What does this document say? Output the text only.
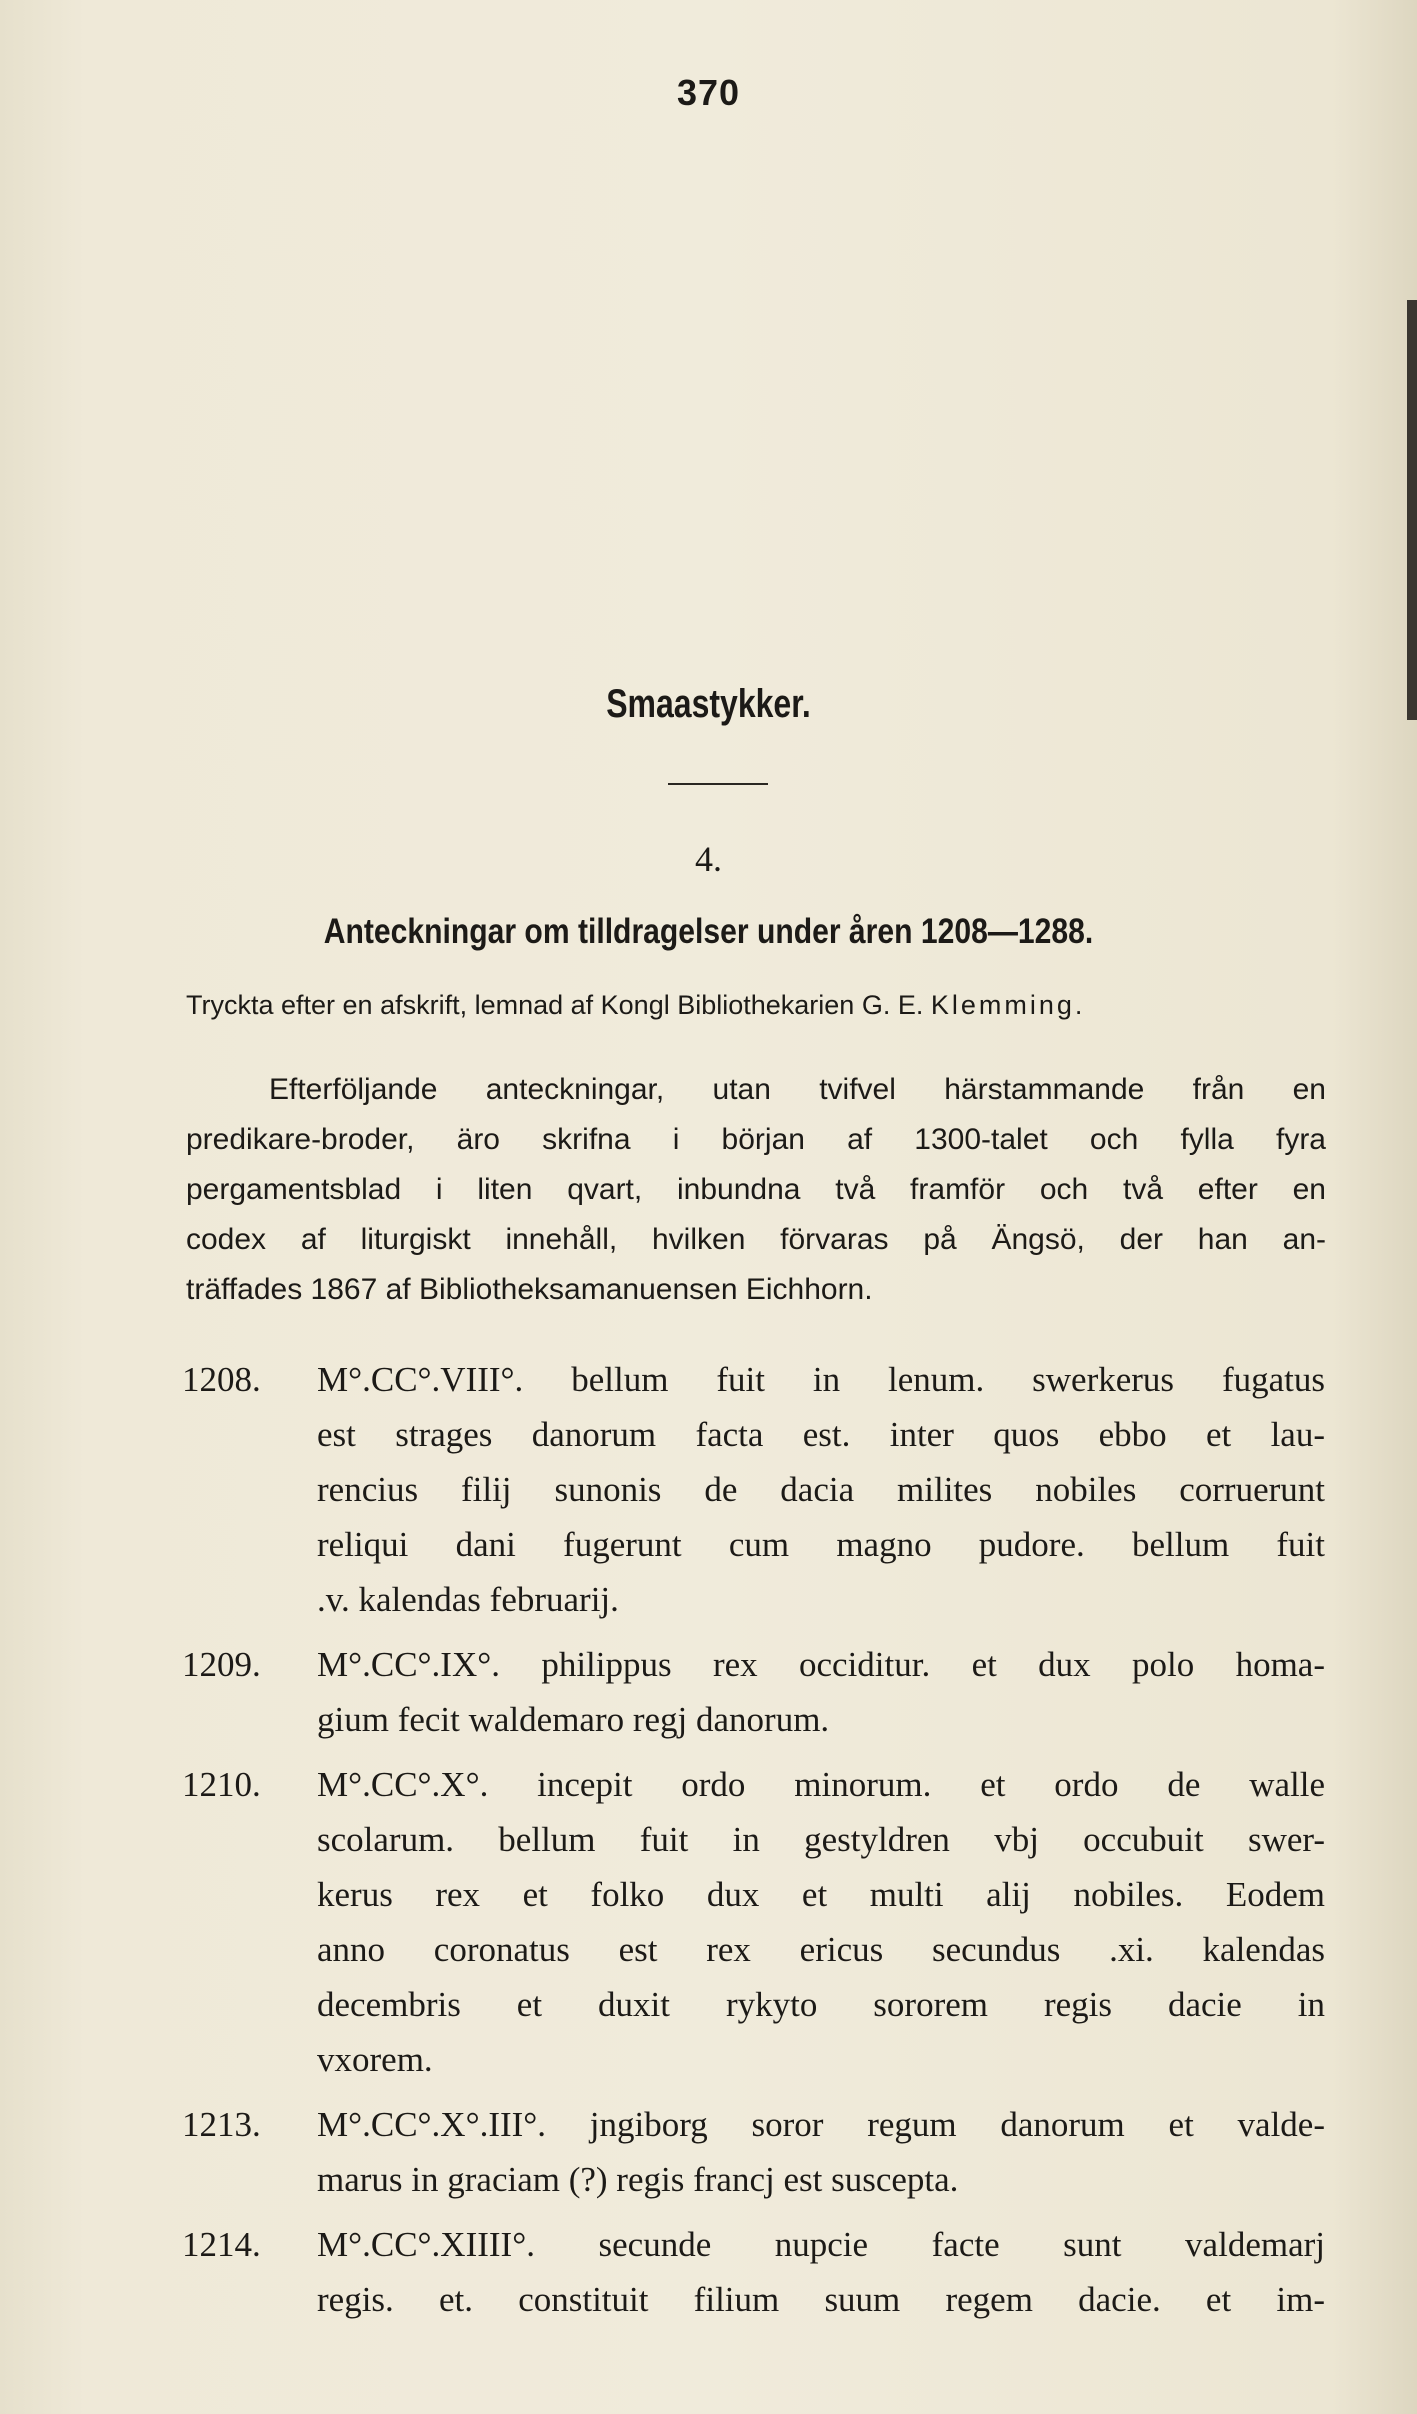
370
Smaastykker.
4.
Anteckningar om tilldragelser under åren 1208—1288.
Tryckta efter en afskrift, lemnad af Kongl Bibliothekarien G. E. Klemming.
Efterföljande anteckningar, utan tvifvel härstammande från en
predikare-broder, äro skrifna i början af 1300-talet och fylla fyra
pergamentsblad i liten qvart, inbundna två framför och två efter en
codex af liturgiskt innehåll, hvilken förvaras på Ängsö, der han an-
träffades 1867 af Bibliotheksamanuensen Eichhorn.
1208. M°.CC°.VIII°. bellum fuit in lenum. swerkerus fugatus
est strages danorum facta est. inter quos ebbo et lau-
rencius filij sunonis de dacia milites nobiles corruerunt
reliqui dani fugerunt cum magno pudore. bellum fuit
.v. kalendas februarij.
1209. M°.CC°.IX°. philippus rex occiditur. et dux polo homa-
gium fecit waldemaro regj danorum.
1210. M°.CC°.X°. incepit ordo minorum. et ordo de walle
scolarum. bellum fuit in gestyldren vbj occubuit swer-
kerus rex et folko dux et multi alij nobiles. Eodem
anno coronatus est rex ericus secundus .xi. kalendas
decembris et duxit rykyto sororem regis dacie in
vxorem.
1213. M°.CC°.X°.III°. jngiborg soror regum danorum et valde-
marus in graciam (?) regis francj est suscepta.
1214. M°.CC°.XIIII°. secunde nupcie facte sunt valdemarj
regis. et. constituit filium suum regem dacie. et im-
